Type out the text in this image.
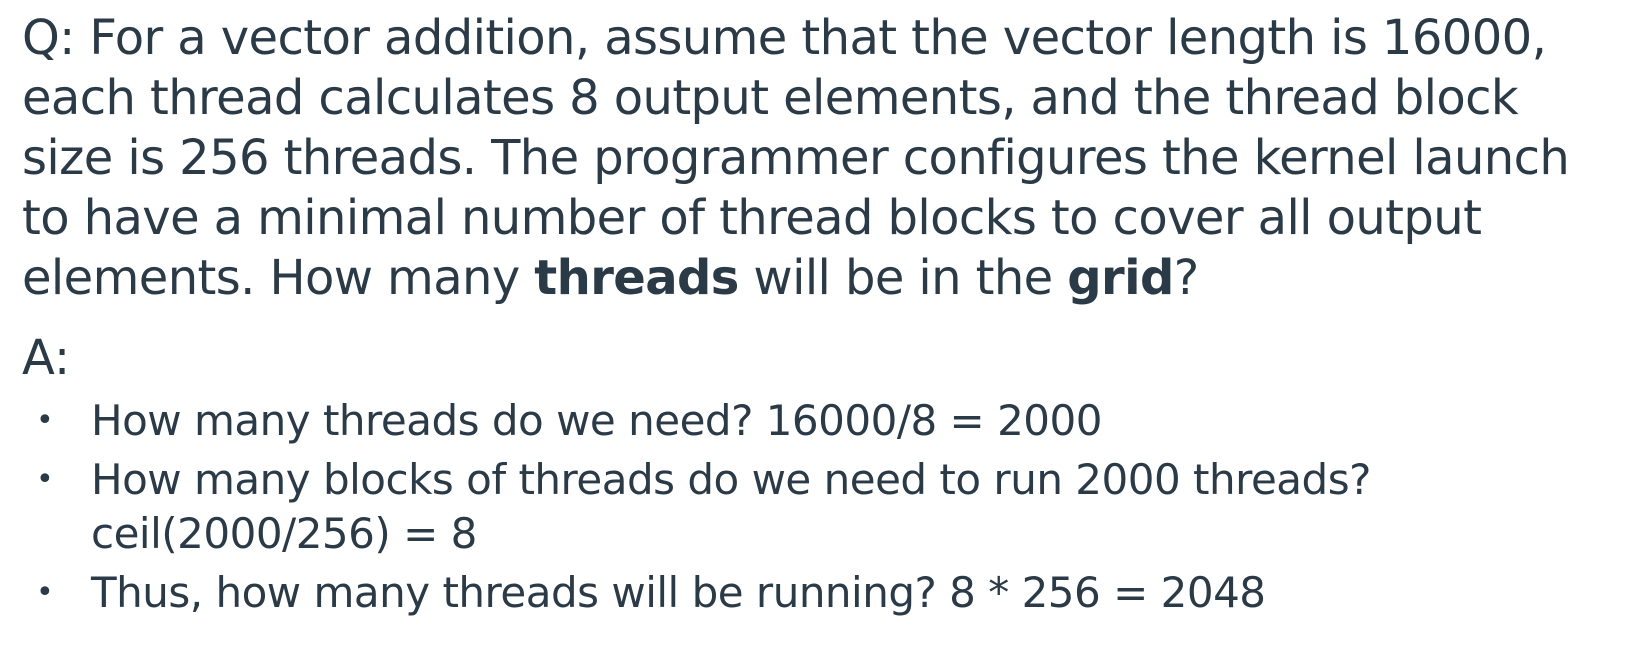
Q: For a vector addition, assume that the vector length is 16000, each thread calculates 8 output elements, and the thread block size is 256 threads. The programmer configures the kernel launch to have a minimal number of thread blocks to cover all output elements. How many threads will be in the grid?

A:

• How many threads do we need? 16000/8 = 2000
• How many blocks of threads do we need to run 2000 threads?
ceil(2000/256) = 8
• Thus, how many threads will be running? 8 * 256 = 2048
